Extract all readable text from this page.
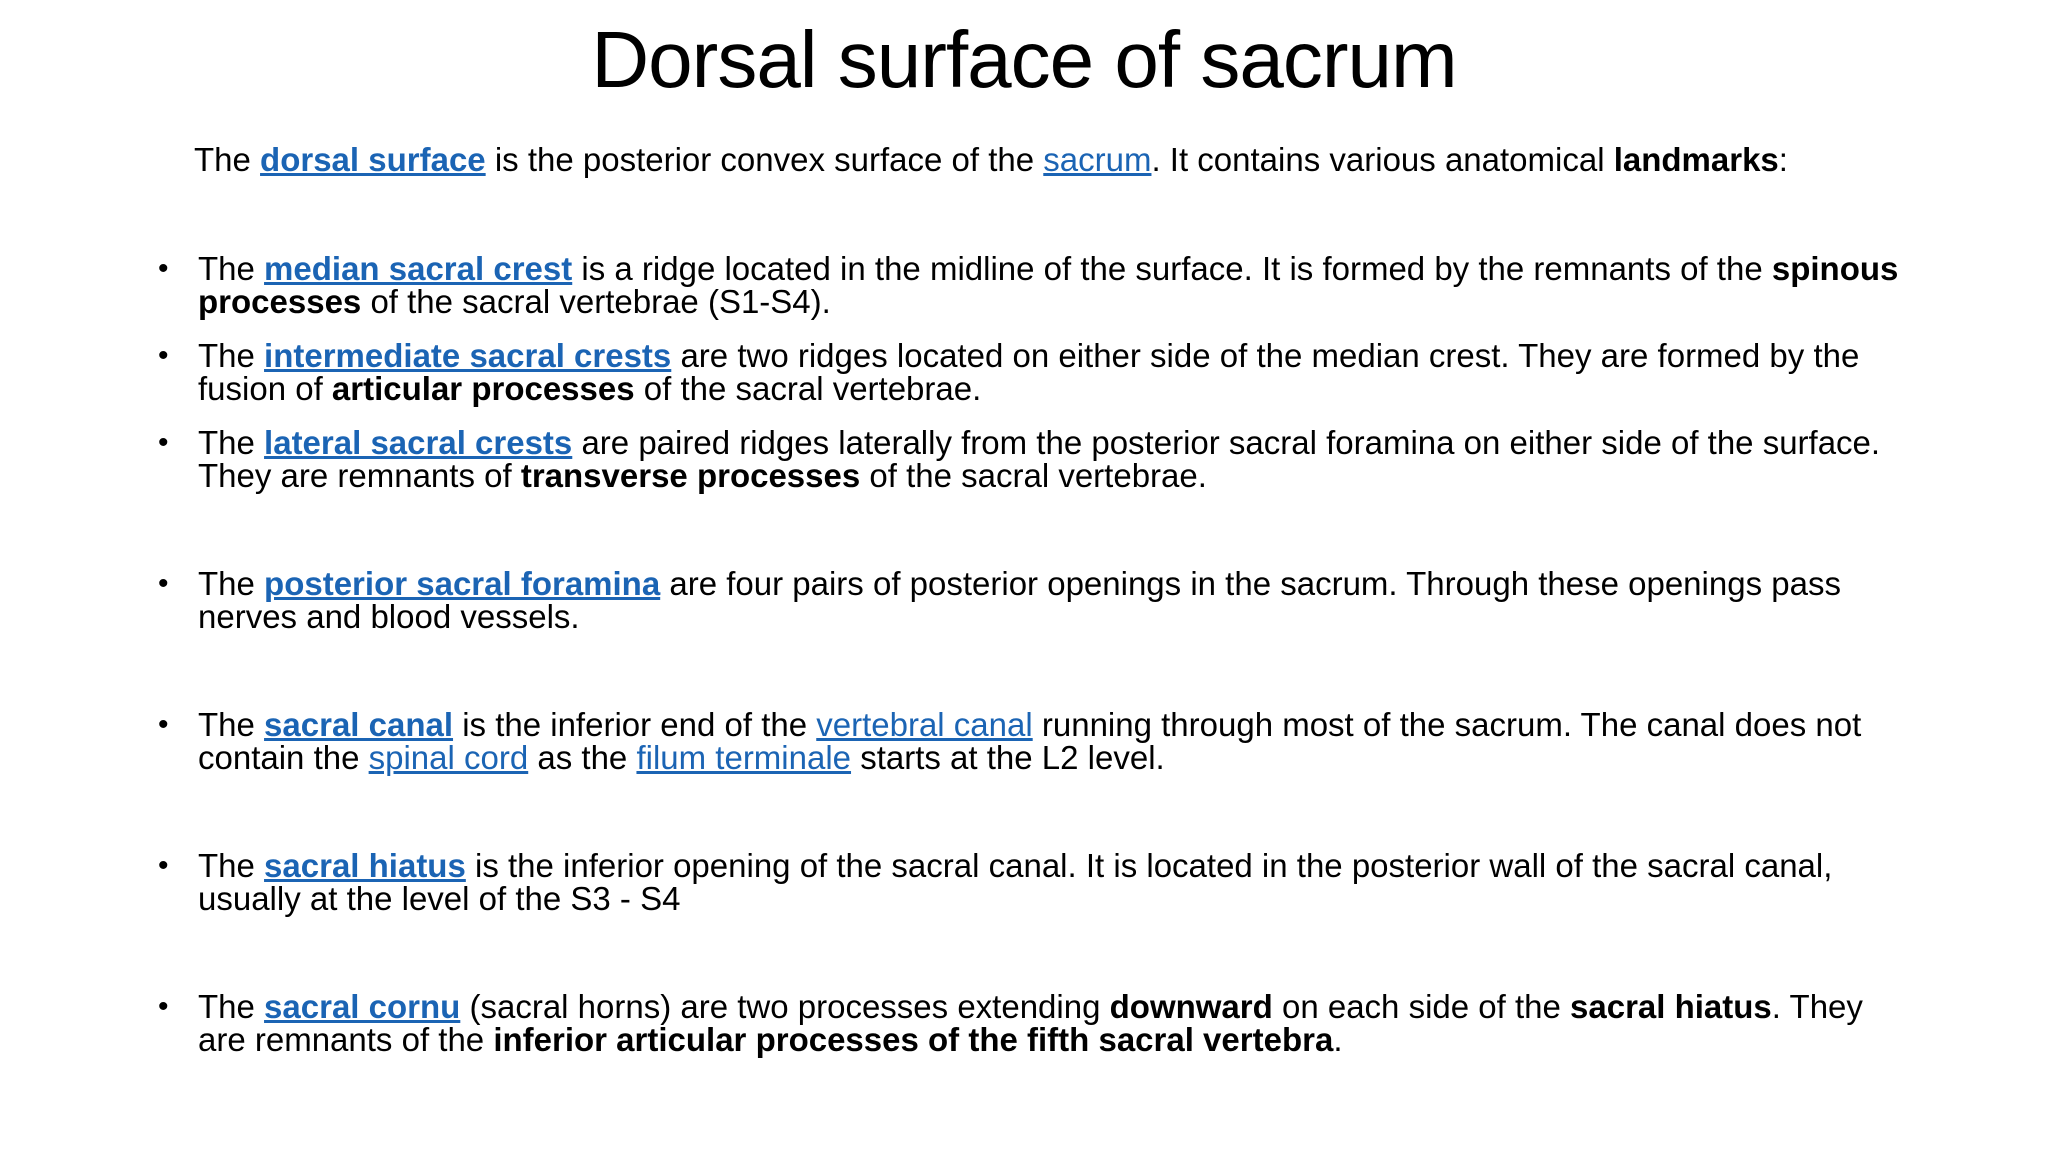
Dorsal surface of sacrum

The dorsal surface is the posterior convex surface of the sacrum. It contains various anatomical landmarks:

• The median sacral crest is a ridge located in the midline of the surface. It is formed by the remnants of the spinous processes of the sacral vertebrae (S1-S4).
• The intermediate sacral crests are two ridges located on either side of the median crest. They are formed by the fusion of articular processes of the sacral vertebrae.
• The lateral sacral crests are paired ridges laterally from the posterior sacral foramina on either side of the surface. They are remnants of transverse processes of the sacral vertebrae.
• The posterior sacral foramina are four pairs of posterior openings in the sacrum. Through these openings pass nerves and blood vessels.
• The sacral canal is the inferior end of the vertebral canal running through most of the sacrum. The canal does not contain the spinal cord as the filum terminale starts at the L2 level.
• The sacral hiatus is the inferior opening of the sacral canal. It is located in the posterior wall of the sacral canal, usually at the level of the S3 - S4
• The sacral cornu (sacral horns) are two processes extending downward on each side of the sacral hiatus. They are remnants of the inferior articular processes of the fifth sacral vertebra.
